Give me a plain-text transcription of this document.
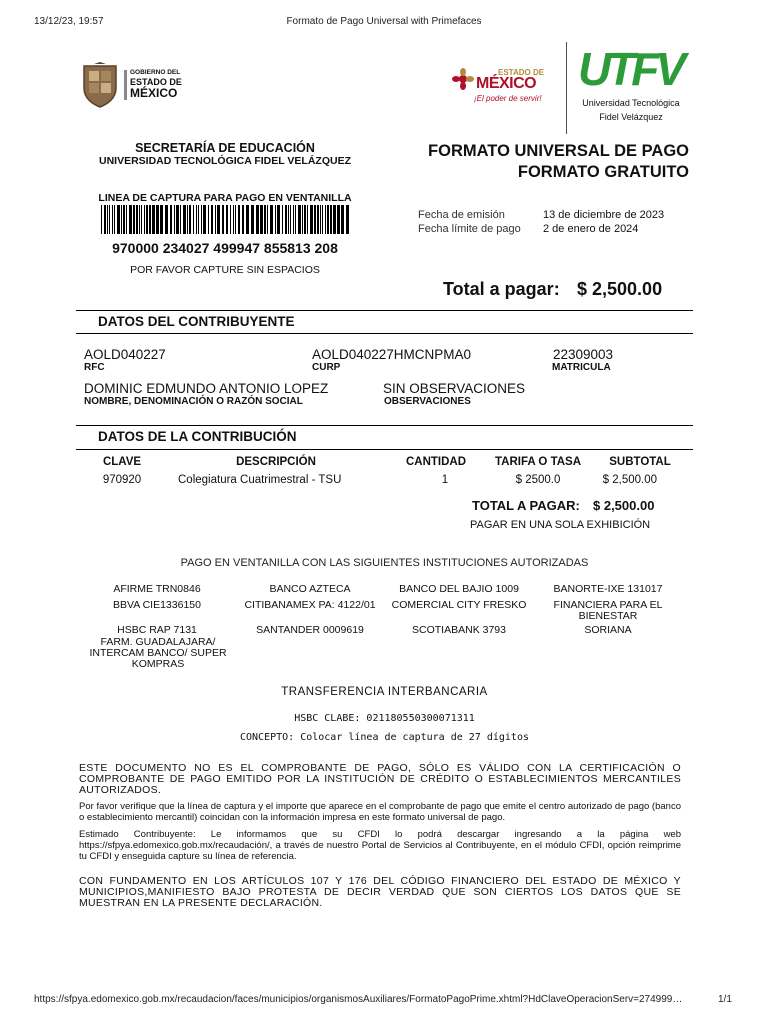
13/12/23, 19:57	Formato de Pago Universal with Primefaces
https://sfpya.edomexico.gob.mx/recaudacion/faces/municipios/organismosAuxiliares/FormatoPagoPrime.xhtml?HdClaveOperacionServ=274999…	1/1
GOBIERNO DEL
ESTADO DE
MÉXICO
ESTADO DE
MÉXICO
¡El poder de servir!
UTFV
Universidad Tecnológica
Fidel Velázquez
SECRETARÍA DE EDUCACIÓN
UNIVERSIDAD TECNOLÓGICA FIDEL VELÁZQUEZ
FORMATO UNIVERSAL DE PAGO
FORMATO GRATUITO
LINEA DE CAPTURA PARA PAGO EN VENTANILLA
970000 234027 499947 855813 208
POR FAVOR CAPTURE SIN ESPACIOS
Fecha de emisión	13 de diciembre de 2023
Fecha límite de pago 2 de enero de 2024
Total a pagar: $ 2,500.00
DATOS DEL CONTRIBUYENTE
AOLD040227
RFC
AOLD040227HMCNPMA0
CURP
22309003
MATRICULA
DOMINIC EDMUNDO ANTONIO LOPEZ
NOMBRE, DENOMINACIÓN O RAZÓN SOCIAL
SIN OBSERVACIONES
OBSERVACIONES
DATOS DE LA CONTRIBUCIÓN
CLAVE	DESCRIPCIÓN	CANTIDAD	TARIFA O TASA	SUBTOTAL
970920	Colegiatura Cuatrimestral - TSU	1	$ 2500.0	$ 2,500.00
TOTAL A PAGAR: $ 2,500.00
PAGAR EN UNA SOLA EXHIBICIÓN
PAGO EN VENTANILLA CON LAS SIGUIENTES INSTITUCIONES AUTORIZADAS
AFIRME TRN0846	BANCO AZTECA	BANCO DEL BAJIO 1009	BANORTE-IXE 131017
BBVA CIE1336150	CITIBANAMEX PA: 4122/01	COMERCIAL CITY FRESKO	FINANCIERA PARA EL BIENESTAR
HSBC RAP 7131	SANTANDER 0009619	SCOTIABANK 3793	SORIANA
FARM. GUADALAJARA/ INTERCAM BANCO/ SUPER KOMPRAS
TRANSFERENCIA INTERBANCARIA
HSBC CLABE: 021180550300071311
CONCEPTO: Colocar línea de captura de 27 dígitos
ESTE DOCUMENTO NO ES EL COMPROBANTE DE PAGO, SÓLO ES VÁLIDO CON LA CERTIFICACIÓN O COMPROBANTE DE PAGO EMITIDO POR LA INSTITUCIÓN DE CRÉDITO O ESTABLECIMIENTOS MERCANTILES AUTORIZADOS.
Por favor verifique que la línea de captura y el importe que aparece en el comprobante de pago que emite el centro autorizado de pago (banco o establecimiento mercantil) coincidan con la información impresa en este formato universal de pago.
Estimado Contribuyente: Le informamos que su CFDI lo podrá descargar ingresando a la página web https://sfpya.edomexico.gob.mx/recaudación/, a través de nuestro Portal de Servicios al Contribuyente, en el módulo CFDI, opción reimprime tu CFDI y enseguida capture su línea de referencia.
CON FUNDAMENTO EN LOS ARTÍCULOS 107 Y 176 DEL CÓDIGO FINANCIERO DEL ESTADO DE MÉXICO Y MUNICIPIOS,MANIFIESTO BAJO PROTESTA DE DECIR VERDAD QUE SON CIERTOS LOS DATOS QUE SE MUESTRAN EN LA PRESENTE DECLARACIÓN.
